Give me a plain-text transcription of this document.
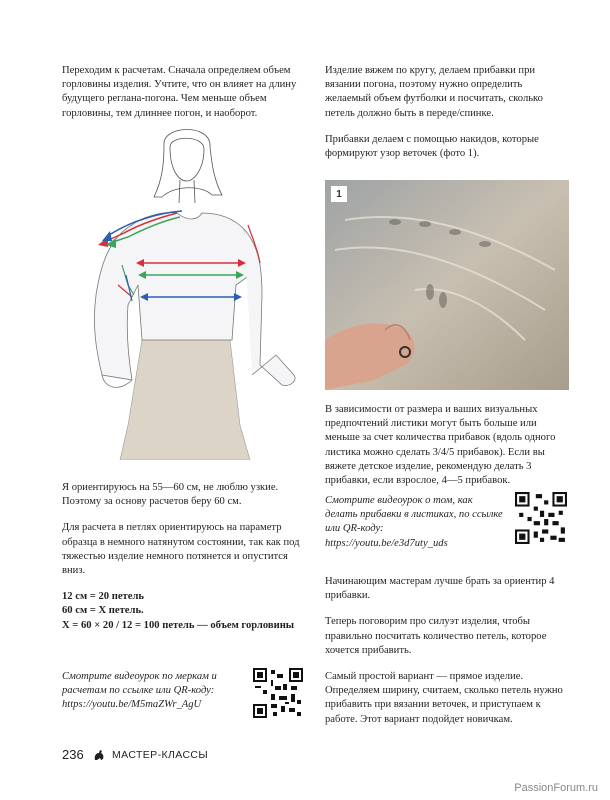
Переходим к расчетам. Сначала определяем объем горловины изделия. Учтите, что он влияет на длину будущего реглана-погона. Чем меньше объем горловины, тем длиннее погон, и наоборот.

Я ориентируюсь на 55—60 см, не люблю узкие. Поэтому за основу расчетов беру 60 см.

Для расчета в петлях ориентируюсь на параметр образца в немного натянутом состоянии, так как под тяжестью изделие немного потянется и опустится вниз.

12 см = 20 петель
60 см = X петель.
X = 60 × 20 / 12 = 100 петель — объем горловины

Смотрите видеоурок по меркам и расчетам по ссылке или QR-коду: https://youtu.be/M5maZWr_AgU

Изделие вяжем по кругу, делаем прибавки при вязании погона, поэтому нужно определить желаемый объем футболки и посчитать, сколько петель должно быть в переде/спинке.

Прибавки делаем с помощью накидов, которые формируют узор веточек (фото 1).

1

В зависимости от размера и ваших визуальных предпочтений листики могут быть больше или меньше за счет количества прибавок (вдоль одного листика можно сделать 3/4/5 прибавок). Если вы вяжете детское изделие, рекомендую делать 3 прибавки, если взрослое, 4—5 прибавок.

Смотрите видеоурок о том, как делать прибавки в листиках, по ссылке или QR-коду: https://youtu.be/e3d7uty_uds

Начинающим мастерам лучше брать за ориентир 4 прибавки.

Теперь поговорим про силуэт изделия, чтобы правильно посчитать количество петель, которое хочется прибавить.

Самый простой вариант — прямое изделие. Определяем ширину, считаем, сколько петель нужно прибавить при вязании веточек, и приступаем к работе. Этот вариант подойдет новичкам.

236	МАСТЕР-КЛАССЫ
PassionForum.ru
